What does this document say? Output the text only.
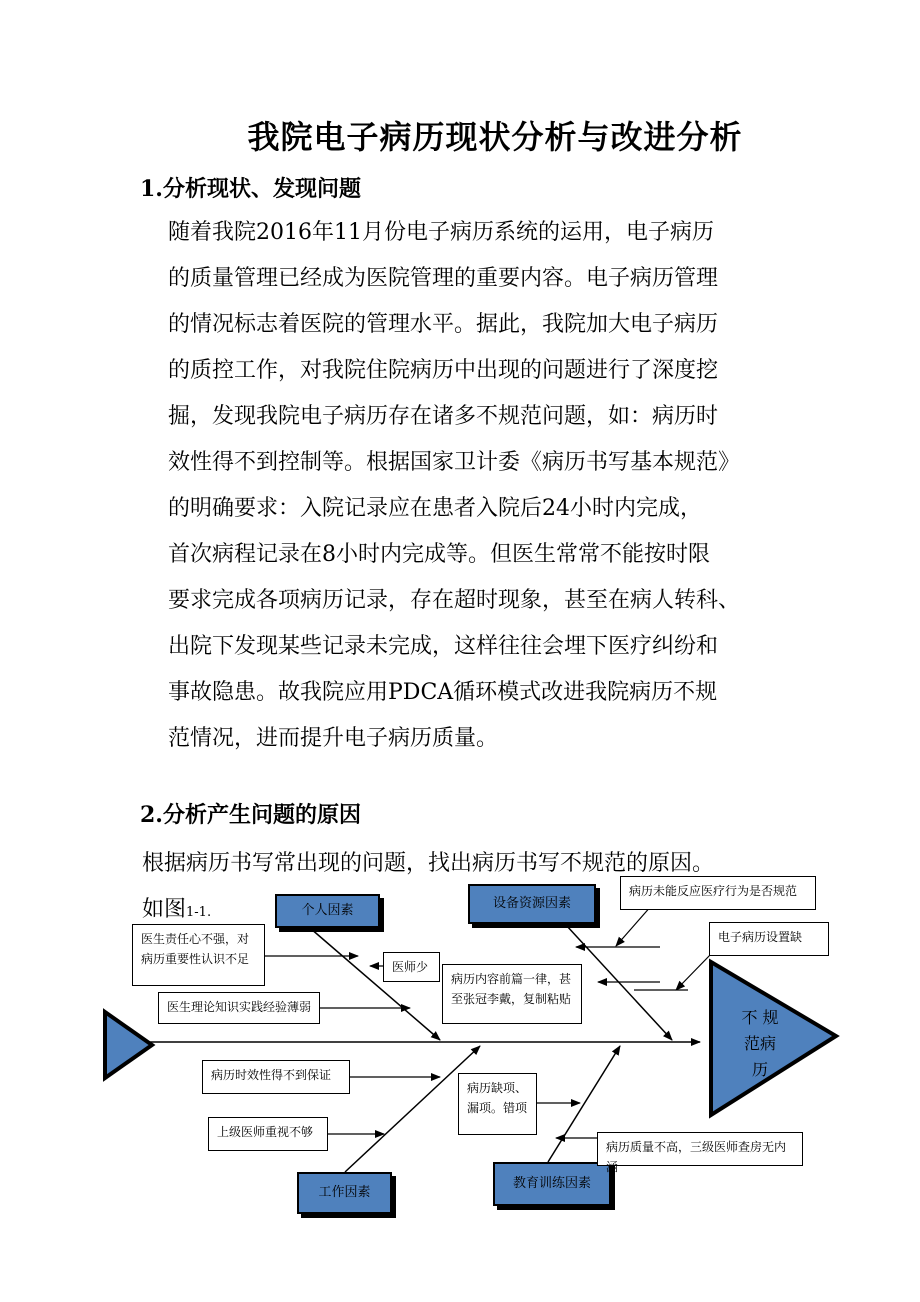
我院电子病历现状分析与改进分析
1.分析现状、发现问题
随着我院2016年11月份电子病历系统的运用，电子病历
的质量管理已经成为医院管理的重要内容。电子病历管理
的情况标志着医院的管理水平。据此，我院加大电子病历
的质控工作，对我院住院病历中出现的问题进行了深度挖
掘，发现我院电子病历存在诸多不规范问题，如：病历时
效性得不到控制等。根据国家卫计委《病历书写基本规范》
的明确要求：入院记录应在患者入院后24小时内完成，
首次病程记录在8小时内完成等。但医生常常不能按时限
要求完成各项病历记录，存在超时现象，甚至在病人转科、
出院下发现某些记录未完成，这样往往会埋下医疗纠纷和
事故隐患。故我院应用PDCA循环模式改进我院病历不规
范情况，进而提升电子病历质量。
2.分析产生问题的原因
根据病历书写常出现的问题，找出病历书写不规范的原因。
如图1-1.	个人因素	设备资源因素
工作因素
教育训练因素
不 规
范病
历
医生责任心不强，对
病历重要性认识不足
医生理论知识实践经验薄弱
医师少
病历内容前篇一律，甚
至张冠李戴，复制粘贴
病历未能反应医疗行为是否规范
电子病历设置缺
病历时效性得不到保证
上级医师重视不够
病历缺项、
漏项。错项
病历质量不高，三级医师查房无内涵
